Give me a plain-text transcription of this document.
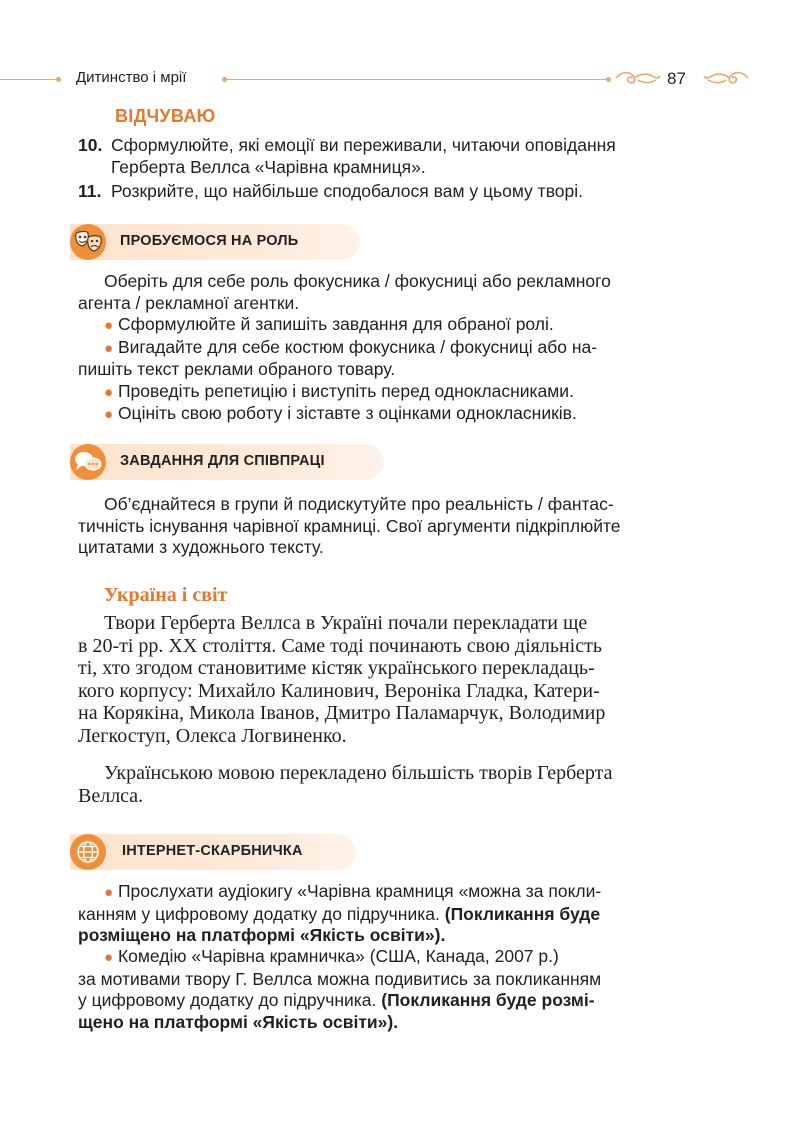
Дитинство і мрії	87
ВІДЧУВАЮ
10. Сформулюйте, які емоції ви переживали, читаючи оповідання
Герберта Веллса «Чарівна крамниця».
11. Розкрийте, що найбільше сподобалося вам у цьому творі.
ПРОБУЄМОСЯ НА РОЛЬ
Оберіть для себе роль фокусника / фокусниці або рекламного
агента / рекламної агентки.
● Сформулюйте й запишіть завдання для обраної ролі.
● Вигадайте для себе костюм фокусника / фокусниці або на-
пишіть текст реклами обраного товару.
● Проведіть репетицію і виступіть перед однокласниками.
● Оцініть свою роботу і зіставте з оцінками однокласників.
ЗАВДАННЯ ДЛЯ СПІВПРАЦІ
Об’єднайтеся в групи й подискутуйте про реальність / фантас-
тичність існування чарівної крамниці. Свої аргументи підкріплюйте
цитатами з художнього тексту.
Україна і світ
Твори Герберта Веллса в Україні почали перекладати ще
в 20-ті рр. XX століття. Саме тоді починають свою діяльність
ті, хто згодом становитиме кістяк українського перекладаць-
кого корпусу: Михайло Калинович, Вероніка Гладка, Катери-
на Корякіна, Микола Іванов, Дмитро Паламарчук, Володимир
Легкоступ, Олекса Логвиненко.
Українською мовою перекладено більшість творів Герберта
Веллса.
ІНТЕРНЕТ-СКАРБНИЧКА
● Прослухати аудіокигу «Чарівна крамниця «можна за покли-
канням у цифровому додатку до підручника. (Покликання буде
розміщено на платформі «Якість освіти»).
● Комедію «Чарівна крамничка» (США, Канада, 2007 р.)
за мотивами твору Г. Веллса можна подивитись за покликанням
у цифровому додатку до підручника. (Покликання буде розмі-
щено на платформі «Якість освіти»).
